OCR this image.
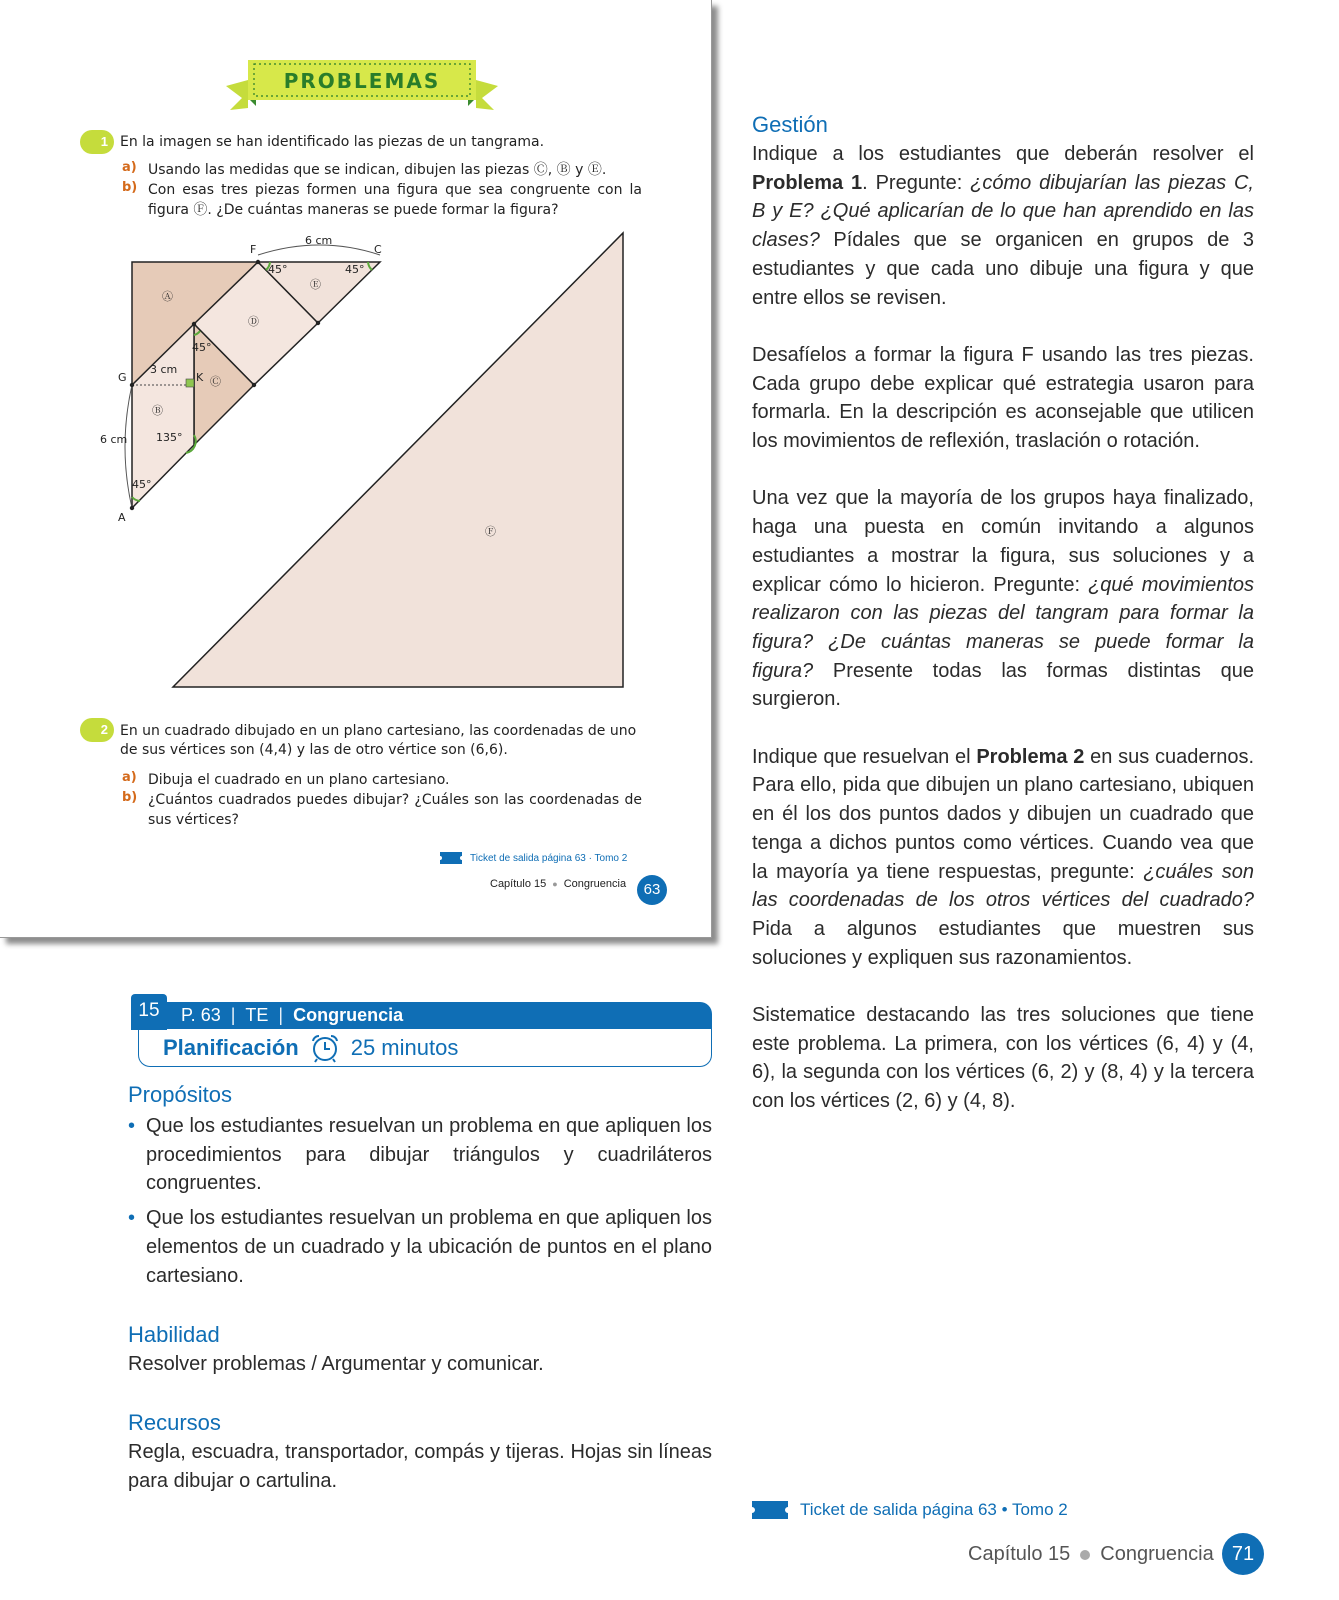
PROBLEMAS
1 En la imagen se han identificado las piezas de un tangrama.
a) Usando las medidas que se indican, dibujen las piezas Ⓒ, Ⓑ y Ⓔ.
b) Con esas tres piezas formen una figura que sea congruente con la figura Ⓕ. ¿De cuántas maneras se puede formar la figura?
6 cm
F	C
45°	45°
Ⓔ
Ⓐ
Ⓓ
45°
G
3 cm
K Ⓒ
Ⓑ
135°
6 cm
45°
A
Ⓕ
2 En un cuadrado dibujado en un plano cartesiano, las coordenadas de uno de sus vértices son (4,4) y las de otro vértice son (6,6).
a) Dibuja el cuadrado en un plano cartesiano.
b) ¿Cuántos cuadrados puedes dibujar? ¿Cuáles son las coordenadas de sus vértices?
Ticket de salida página 63 · Tomo 2
Capítulo 15 ● Congruencia	63
15	P. 63 | TE | Congruencia
Planificación 25 minutos
Propósitos
• Que los estudiantes resuelvan un problema en que apliquen los procedimientos para dibujar triángulos y cuadriláteros congruentes.
• Que los estudiantes resuelvan un problema en que apliquen los elementos de un cuadrado y la ubicación de puntos en el plano cartesiano.
Habilidad
Resolver problemas / Argumentar y comunicar.
Recursos
Regla, escuadra, transportador, compás y tijeras. Hojas sin líneas para dibujar o cartulina.
Gestión

Indique a los estudiantes que deberán resolver el Problema 1. Pregunte: ¿cómo dibujarían las piezas C, B y E? ¿Qué aplicarían de lo que han aprendido en las clases? Pídales que se organicen en grupos de 3 estudiantes y que cada uno dibuje una figura y que entre ellos se revisen.

Desafíelos a formar la figura F usando las tres piezas. Cada grupo debe explicar qué estrategia usaron para formarla. En la descripción es aconsejable que utilicen los movimientos de reflexión, traslación o rotación.

Una vez que la mayoría de los grupos haya finalizado, haga una puesta en común invitando a algunos estudiantes a mostrar la figura, sus soluciones y a explicar cómo lo hicieron. Pregunte: ¿qué movimientos realizaron con las piezas del tangram para formar la figura? ¿De cuántas maneras se puede formar la figura? Presente todas las formas distintas que surgieron.

Indique que resuelvan el Problema 2 en sus cuadernos. Para ello, pida que dibujen un plano cartesiano, ubiquen en él los dos puntos dados y dibujen un cuadrado que tenga a dichos puntos como vértices. Cuando vea que la mayoría ya tiene respuestas, pregunte: ¿cuáles son las coordenadas de los otros vértices del cuadrado? Pida a algunos estudiantes que muestren sus soluciones y expliquen sus razonamientos.

Sistematice destacando las tres soluciones que tiene este problema. La primera, con los vértices (6, 4) y (4, 6), la segunda con los vértices (6, 2) y (8, 4) y la tercera con los vértices (2, 6) y (4, 8).

Ticket de salida página 63 • Tomo 2
Capítulo 15 Congruencia 71
